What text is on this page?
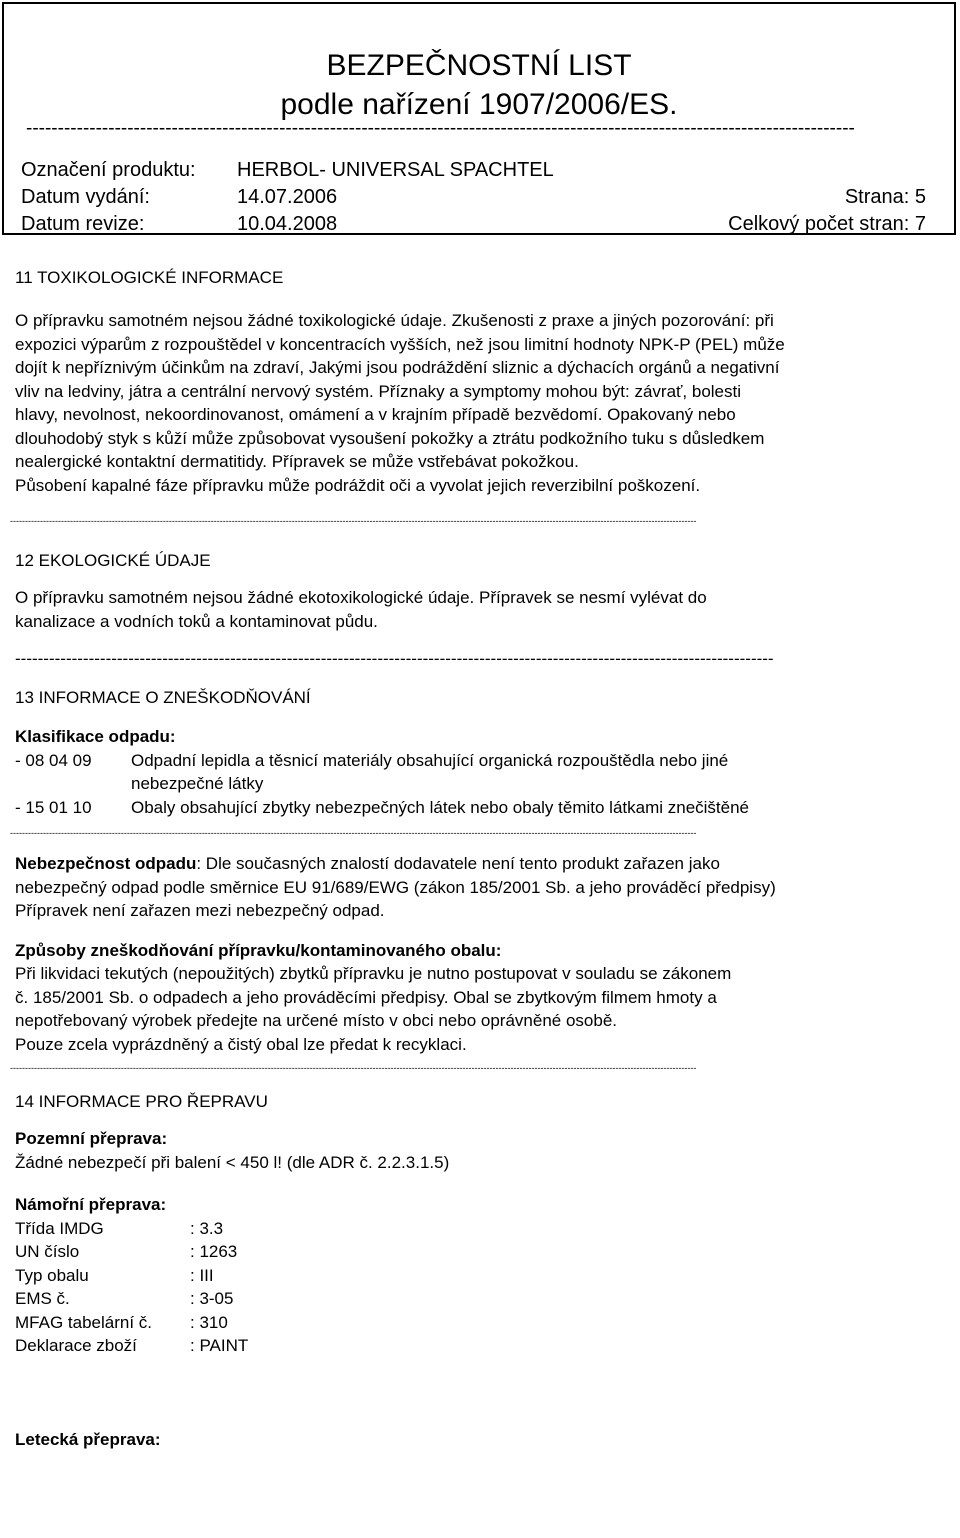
BEZPEČNOSTNÍ LIST
podle nařízení 1907/2006/ES.
-----------------------------------------------------------------------------------------------------------------------------------
Označení produktu: HERBOL- UNIVERSAL SPACHTEL
Datum vydání:	14.07.2006	Strana: 5
Datum revize:	10.04.2008	Celkový počet stran: 7
11 TOXIKOLOGICKÉ INFORMACE
O přípravku samotném nejsou žádné toxikologické údaje. Zkušenosti z praxe a jiných pozorování: při
expozici výparům z rozpouštědel v koncentracích vyšších, než jsou limitní hodnoty NPK-P (PEL) může
dojít k nepříznivým účinkům na zdraví, Jakými jsou podráždění sliznic a dýchacích orgánů a negativní
vliv na ledviny, játra a centrální nervový systém. Příznaky a symptomy mohou být: závrať, bolesti
hlavy, nevolnost, nekoordinovanost, omámení a v krajním případě bezvědomí. Opakovaný nebo
dlouhodobý styk s kůží může způsobovat vysoušení pokožky a ztrátu podkožního tuku s důsledkem
nealergické kontaktní dermatitidy. Přípravek se může vstřebávat pokožkou.
Působení kapalné fáze přípravku může podráždit oči a vyvolat jejich reverzibilní poškození.
-------------------------------------------------------------------------------------------------------------------------------------------------------------------------------------------------------------------------------------
12 EKOLOGICKÉ ÚDAJE
O přípravku samotném nejsou žádné ekotoxikologické údaje. Přípravek se nesmí vylévat do
kanalizace a vodních toků a kontaminovat půdu.
--------------------------------------------------------------------------------------------------------------------------------------
13 INFORMACE O ZNEŠKODŇOVÁNÍ
Klasifikace odpadu:
- 08 04 09	Odpadní lepidla a těsnicí materiály obsahující organická rozpouštědla nebo jiné
nebezpečné látky
- 15 01 10	Obaly obsahující zbytky nebezpečných látek nebo obaly těmito látkami znečištěné
-------------------------------------------------------------------------------------------------------------------------------------------------------------------------------------------------------------------------------------
Nebezpečnost odpadu: Dle současných znalostí dodavatele není tento produkt zařazen jako
nebezpečný odpad podle směrnice EU 91/689/EWG (zákon 185/2001 Sb. a jeho prováděcí předpisy)
Přípravek není zařazen mezi nebezpečný odpad.
Způsoby zneškodňování přípravku/kontaminovaného obalu:
Při likvidaci tekutých (nepoužitých) zbytků přípravku je nutno postupovat v souladu se zákonem
č. 185/2001 Sb. o odpadech a jeho prováděcími předpisy. Obal se zbytkovým filmem hmoty a
nepotřebovaný výrobek předejte na určené místo v obci nebo oprávněné osobě.
Pouze zcela vyprázdněný a čistý obal lze předat k recyklaci.
-------------------------------------------------------------------------------------------------------------------------------------------------------------------------------------------------------------------------------------
14 INFORMACE PRO ŘEPRAVU
Pozemní přeprava:
Žádné nebezpečí při balení < 450 l! (dle ADR č. 2.2.3.1.5)
Námořní přeprava:
Třída IMDG	: 3.3
UN číslo	: 1263
Typ obalu	: III
EMS č.	: 3-05
MFAG tabelární č.	: 310
Deklarace zboží	: PAINT
Letecká přeprava:
